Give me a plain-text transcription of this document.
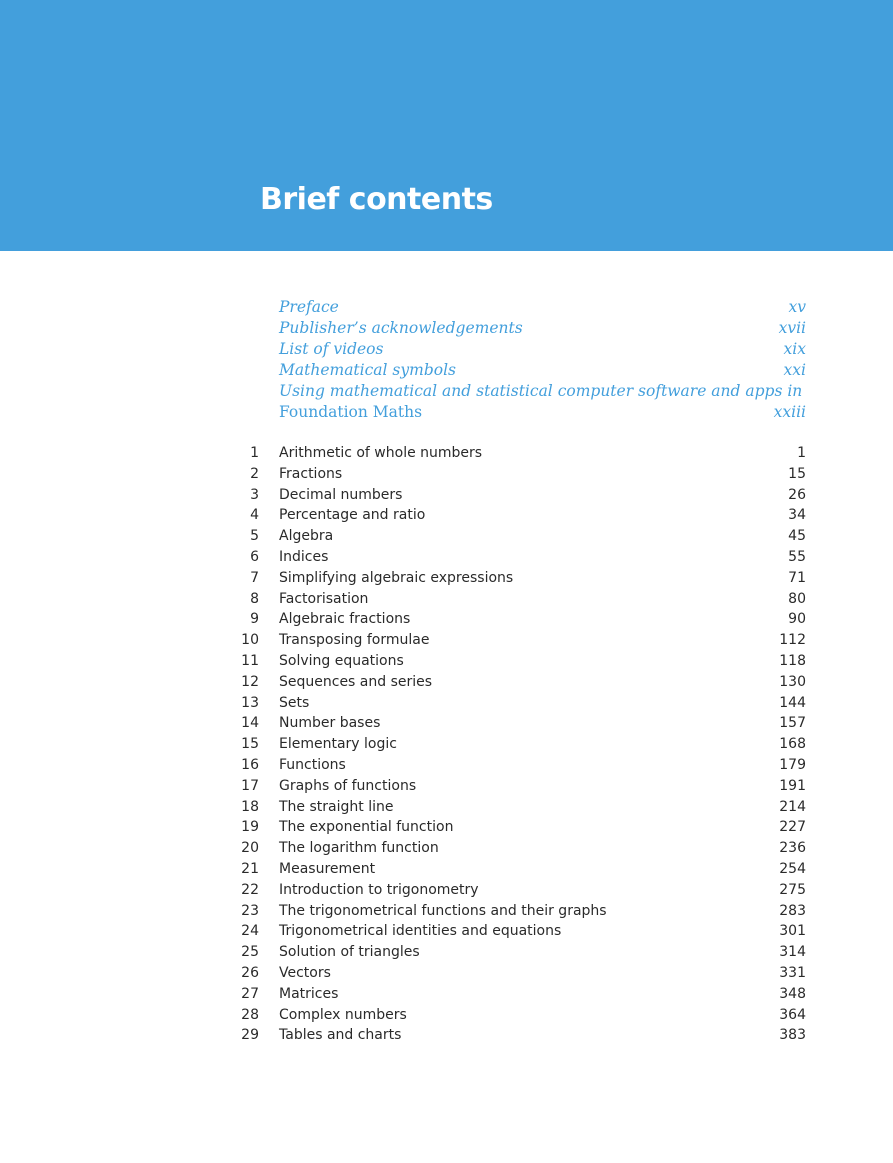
Brief contents
Preface	xv
Publisher’s acknowledgements	xvii
List of videos	xix
Mathematical symbols	xxi
Using mathematical and statistical computer software and apps in
Foundation Maths	xxiii
1 Arithmetic of whole numbers	1
2 Fractions	15
3 Decimal numbers	26
4 Percentage and ratio	34
5 Algebra	45
6 Indices	55
7 Simplifying algebraic expressions	71
8 Factorisation	80
9 Algebraic fractions	90
10 Transposing formulae	112
11 Solving equations	118
12 Sequences and series	130
13 Sets	144
14 Number bases	157
15 Elementary logic	168
16 Functions	179
17 Graphs of functions	191
18 The straight line	214
19 The exponential function	227
20 The logarithm function	236
21 Measurement	254
22 Introduction to trigonometry	275
23 The trigonometrical functions and their graphs	283
24 Trigonometrical identities and equations	301
25 Solution of triangles	314
26 Vectors	331
27 Matrices	348
28 Complex numbers	364
29 Tables and charts	383
